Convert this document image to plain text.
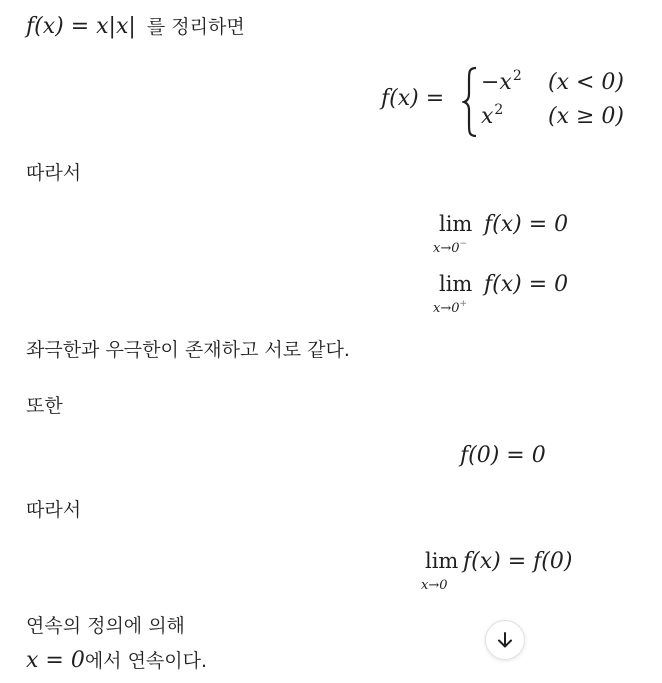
f(x) = x|x| 를 정리하면
f(x) =
$-x^2$ (x < 0)
$x^2$ (x ≥ 0)
따라서
lim
x→0−
f(x) = 0
lim
x→0+
f(x) = 0
좌극한과 우극한이 존재하고 서로 같다.
또한
f(0) = 0
따라서
lim
x→0
f(x) = f(0)
연속의 정의에 의해
x = 0에서 연속이다.
